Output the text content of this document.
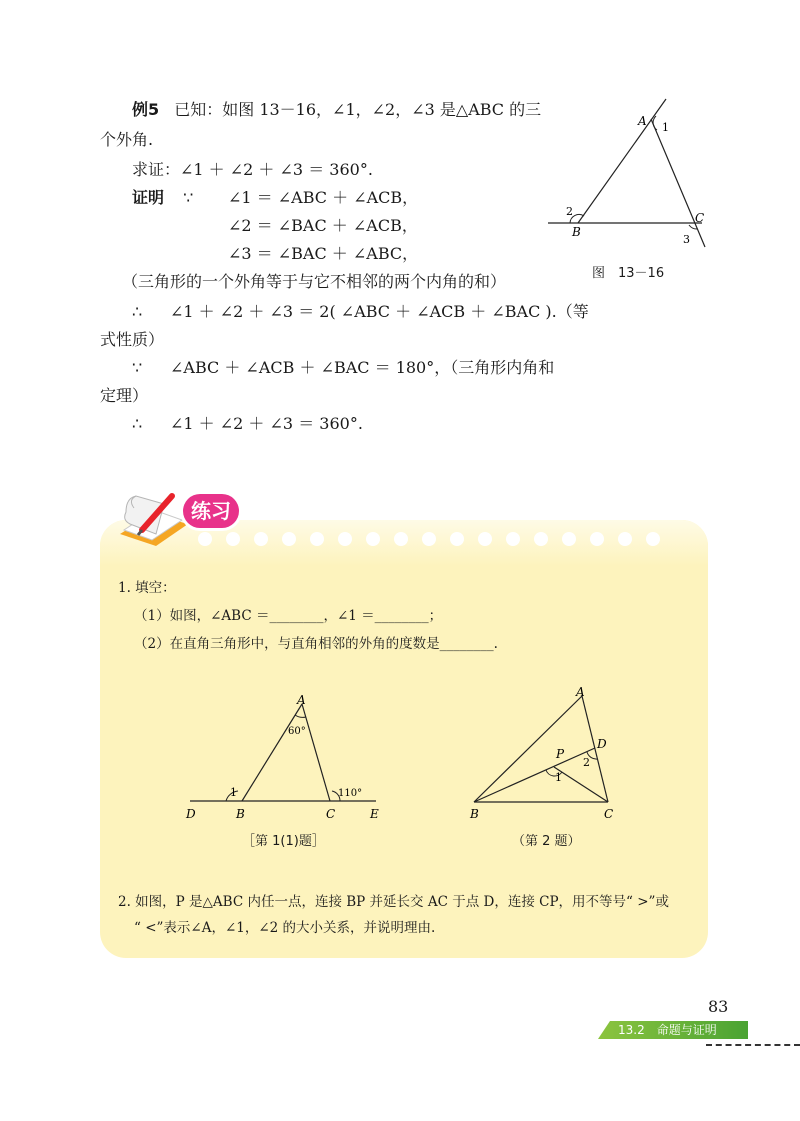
例5 已知：如图 13－16，∠1，∠2，∠3 是△ABC 的三
个外角.
求证：∠1 ＋ ∠2 ＋ ∠3 ＝ 360°.
证明 ∵ ∠1 ＝ ∠ABC ＋ ∠ACB，
∠2 ＝ ∠BAC ＋ ∠ACB，
∠3 ＝ ∠BAC ＋ ∠ABC，
（三角形的一个外角等于与它不相邻的两个内角的和）
∴ ∠1 ＋ ∠2 ＋ ∠3 ＝ 2( ∠ABC ＋ ∠ACB ＋ ∠BAC ).（等
式性质）
∵ ∠ABC ＋ ∠ACB ＋ ∠BAC ＝ 180°，（三角形内角和
定理）
∴ ∠1 ＋ ∠2 ＋ ∠3 ＝ 360°.
A 1
2
B
C
3
图　13－16
练习
1. 填空：
（1）如图，∠ABC ＝________，∠1 ＝________；
（2）在直角三角形中，与直角相邻的外角的度数是________.
A
60°
1	110°
D	B	C	E
［第 1(1)题］
A
D
P
1
2
B	C
（第 2 题）
2. 如图，P 是△ABC 内任一点，连接 BP 并延长交 AC 于点 D，连接 CP，用不等号“ >”或
“ <”表示∠A，∠1，∠2 的大小关系，并说明理由.
83
13.2　命题与证明
